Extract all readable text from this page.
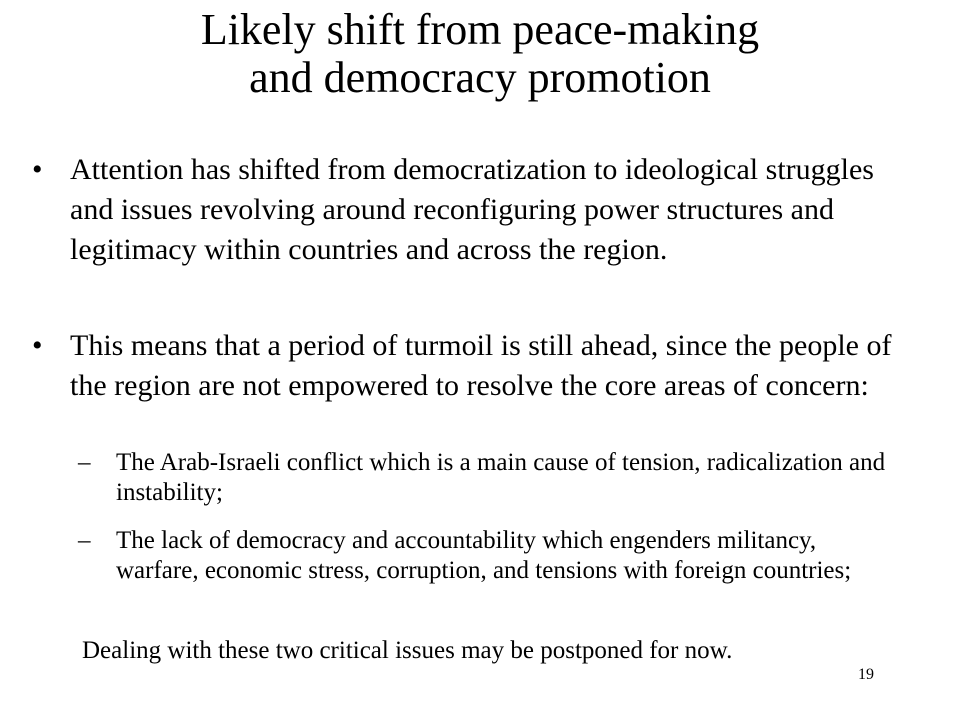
Likely shift from peace-making
and democracy promotion
• Attention has shifted from democratization to ideological struggles and issues revolving around reconfiguring power structures and legitimacy within countries and across the region.
• This means that a period of turmoil is still ahead, since the people of the region are not empowered to resolve the core areas of concern:
– The Arab-Israeli conflict which is a main cause of tension, radicalization and instability;
– The lack of democracy and accountability which engenders militancy, warfare, economic stress, corruption, and tensions with foreign countries;
Dealing with these two critical issues may be postponed for now.
19
